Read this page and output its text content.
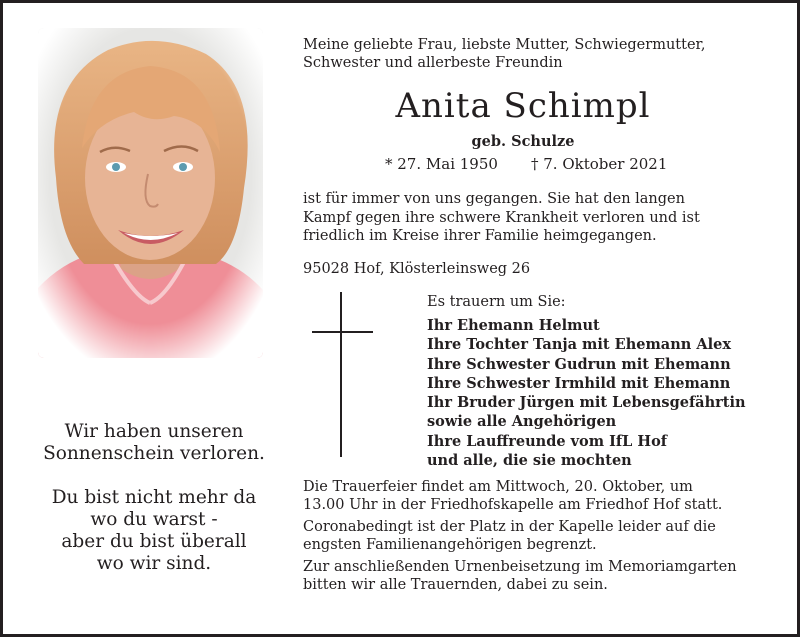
Wir haben unseren
Sonnenschein verloren.
Du bist nicht mehr da
wo du warst -
aber du bist überall
wo wir sind.
Meine geliebte Frau, liebste Mutter, Schwiegermutter,
Schwester und allerbeste Freundin
Anita Schimpl
geb. Schulze
* 27. Mai 1950 † 7. Oktober 2021
ist für immer von uns gegangen. Sie hat den langen
Kampf gegen ihre schwere Krankheit verloren und ist
friedlich im Kreise ihrer Familie heimgegangen.
95028 Hof, Klösterleinsweg 26
Es trauern um Sie:
Ihr Ehemann Helmut
Ihre Tochter Tanja mit Ehemann Alex
Ihre Schwester Gudrun mit Ehemann
Ihre Schwester Irmhild mit Ehemann
Ihr Bruder Jürgen mit Lebensgefährtin
sowie alle Angehörigen
Ihre Lauffreunde vom IfL Hof
und alle, die sie mochten

Die Trauerfeier findet am Mittwoch, 20. Oktober, um
13.00 Uhr in der Friedhofskapelle am Friedhof Hof statt.

Coronabedingt ist der Platz in der Kapelle leider auf die
engsten Familienangehörigen begrenzt.

Zur anschließenden Urnenbeisetzung im Memoriamgarten
bitten wir alle Trauernden, dabei zu sein.
